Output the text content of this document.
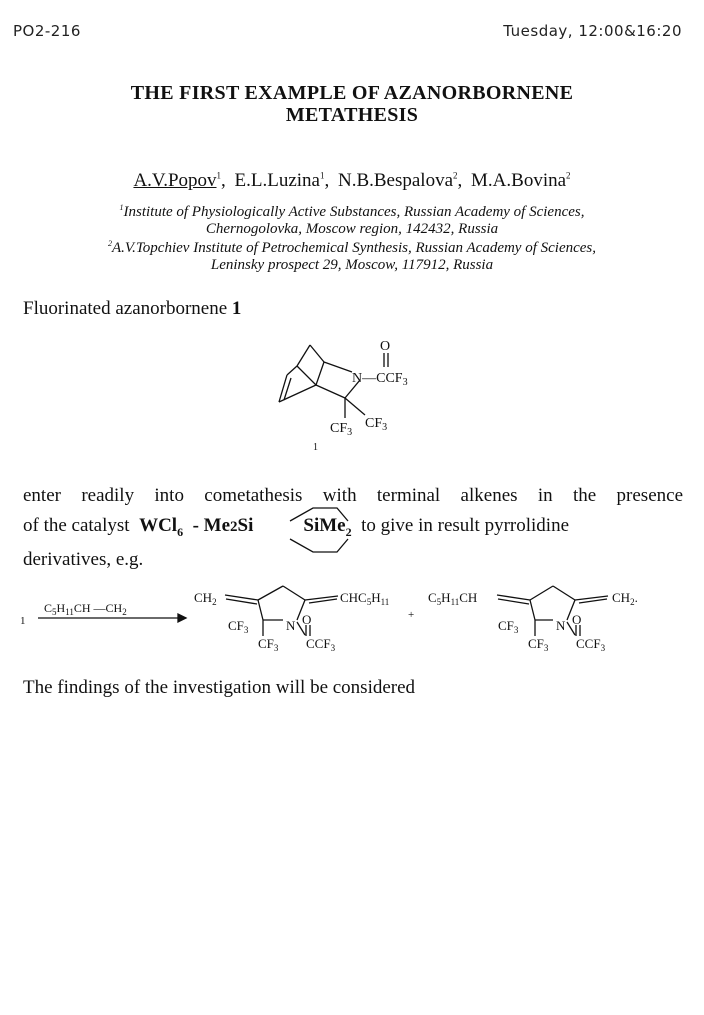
PO2-216	Tuesday, 12:00&16:20
THE FIRST EXAMPLE OF AZANORBORNENE
METATHESIS
A.V.Popov$^1$, E.L.Luzina$^1$, N.B.Bespalova$^2$, M.A.Bovina$^2$
$^1$Institute of Physiologically Active Substances, Russian Academy of Sciences,
Chernogolovka, Moscow region, 142432, Russia
$^2$A.V.Topchiev Institute of Petrochemical Synthesis, Russian Academy of Sciences,
Leninsky prospect 29, Moscow, 117912, Russia
Fluorinated azanorbornene 1
enter readily into cometathesis with terminal alkenes in the presence
of the catalyst WCl$_6$ - Me2Si	SiMe$_2$ to give in result pyrrolidine
derivatives, e.g.
The findings of the investigation will be considered
O
$N—CCF_3$
$CF_3$
$CF_3$
1
1
$C_5H_{11}CH$ $—CH_2$
$CH_2$	$CHC_5H_{11}$
$CF_3$	N O
$CF_3$ $CCF_3$
+
$C_5H_{11}CH$	$CH_2$.
$CF_3$	N O
$CF_3$ $CCF_3$
